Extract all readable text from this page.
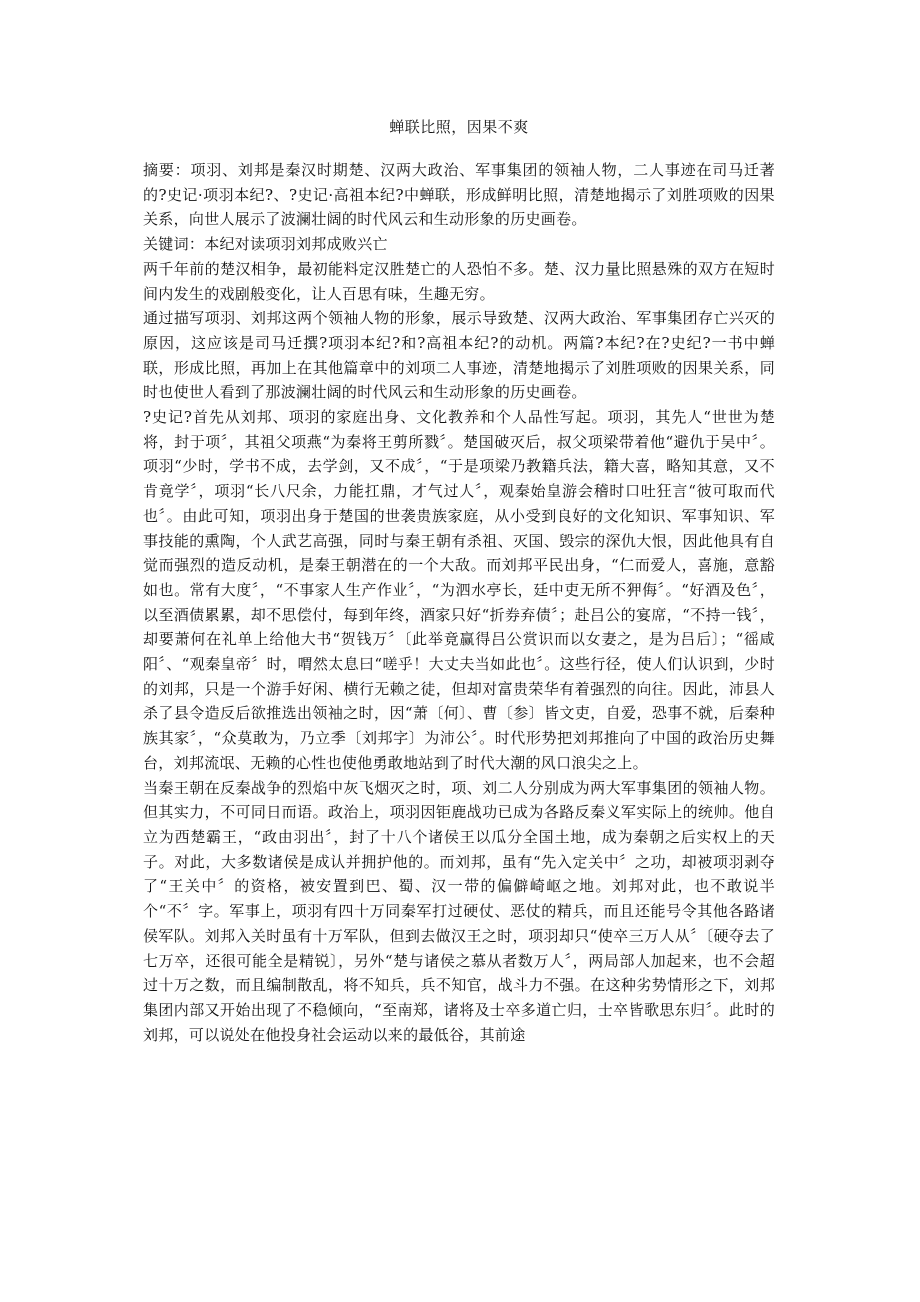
蝉联比照，因果不爽

摘要：项羽、刘邦是秦汉时期楚、汉两大政治、军事集团的领袖人物，二人事迹在司马迁著的?史记·项羽本纪?、?史记·高祖本纪?中蝉联，形成鲜明比照，清楚地揭示了刘胜项败的因果关系，向世人展示了波澜壮阔的时代风云和生动形象的历史画卷。

关键词：本纪对读项羽刘邦成败兴亡

两千年前的楚汉相争，最初能料定汉胜楚亡的人恐怕不多。楚、汉力量比照悬殊的双方在短时间内发生的戏剧般变化，让人百思有味，生趣无穷。

通过描写项羽、刘邦这两个领袖人物的形象，展示导致楚、汉两大政治、军事集团存亡兴灭的原因，这应该是司马迁撰?项羽本纪?和?高祖本纪?的动机。两篇?本纪?在?史纪?一书中蝉联，形成比照，再加上在其他篇章中的刘项二人事迹，清楚地揭示了刘胜项败的因果关系，同时也使世人看到了那波澜壮阔的时代风云和生动形象的历史画卷。

?史记?首先从刘邦、项羽的家庭出身、文化教养和个人品性写起。项羽，其先人“世世为楚将，封于项〞，其祖父项燕“为秦将王剪所戮〞。楚国破灭后，叔父项梁带着他“避仇于吴中〞。项羽“少时，学书不成，去学剑，又不成〞，“于是项梁乃教籍兵法，籍大喜，略知其意，又不肯竟学〞，项羽“长八尺余，力能扛鼎，才气过人〞，观秦始皇游会稽时口吐狂言“彼可取而代也〞。由此可知，项羽出身于楚国的世袭贵族家庭，从小受到良好的文化知识、军事知识、军事技能的熏陶，个人武艺高强，同时与秦王朝有杀祖、灭国、毁宗的深仇大恨，因此他具有自觉而强烈的造反动机，是秦王朝潜在的一个大敌。而刘邦平民出身，“仁而爱人，喜施，意豁如也。常有大度〞，“不事家人生产作业〞，“为泗水亭长，廷中吏无所不狎侮〞。“好酒及色〞，以至酒债累累，却不思偿付，每到年终，酒家只好“折券弃债〞；赴吕公的宴席，“不持一钱〞，却要萧何在礼单上给他大书“贺钱万〞〔此举竟赢得吕公赏识而以女妻之，是为吕后〕；“徭咸阳〞、“观秦皇帝〞时，喟然太息曰“嗟乎！大丈夫当如此也〞。这些行径，使人们认识到，少时的刘邦，只是一个游手好闲、横行无赖之徒，但却对富贵荣华有着强烈的向往。因此，沛县人杀了县令造反后欲推选出领袖之时，因“萧〔何〕、曹〔参〕皆文吏，自爱，恐事不就，后秦种族其家〞，“众莫敢为，乃立季〔刘邦字〕为沛公〞。时代形势把刘邦推向了中国的政治历史舞台，刘邦流氓、无赖的心性也使他勇敢地站到了时代大潮的风口浪尖之上。

当秦王朝在反秦战争的烈焰中灰飞烟灭之时，项、刘二人分别成为两大军事集团的领袖人物。但其实力，不可同日而语。政治上，项羽因钜鹿战功已成为各路反秦义军实际上的统帅。他自立为西楚霸王，“政由羽出〞，封了十八个诸侯王以瓜分全国土地，成为秦朝之后实权上的天子。对此，大多数诸侯是成认并拥护他的。而刘邦，虽有“先入定关中〞之功，却被项羽剥夺了“王关中〞的资格，被安置到巴、蜀、汉一带的偏僻崎岖之地。刘邦对此，也不敢说半个“不〞字。军事上，项羽有四十万同秦军打过硬仗、恶仗的精兵，而且还能号令其他各路诸侯军队。刘邦入关时虽有十万军队，但到去做汉王之时，项羽却只“使卒三万人从〞〔硬夺去了七万卒，还很可能全是精锐〕，另外“楚与诸侯之慕从者数万人〞，两局部人加起来，也不会超过十万之数，而且编制散乱，将不知兵，兵不知官，战斗力不强。在这种劣势情形之下，刘邦集团内部又开始出现了不稳倾向，“至南郑，诸将及士卒多道亡归，士卒皆歌思东归〞。此时的刘邦，可以说处在他投身社会运动以来的最低谷，其前途
